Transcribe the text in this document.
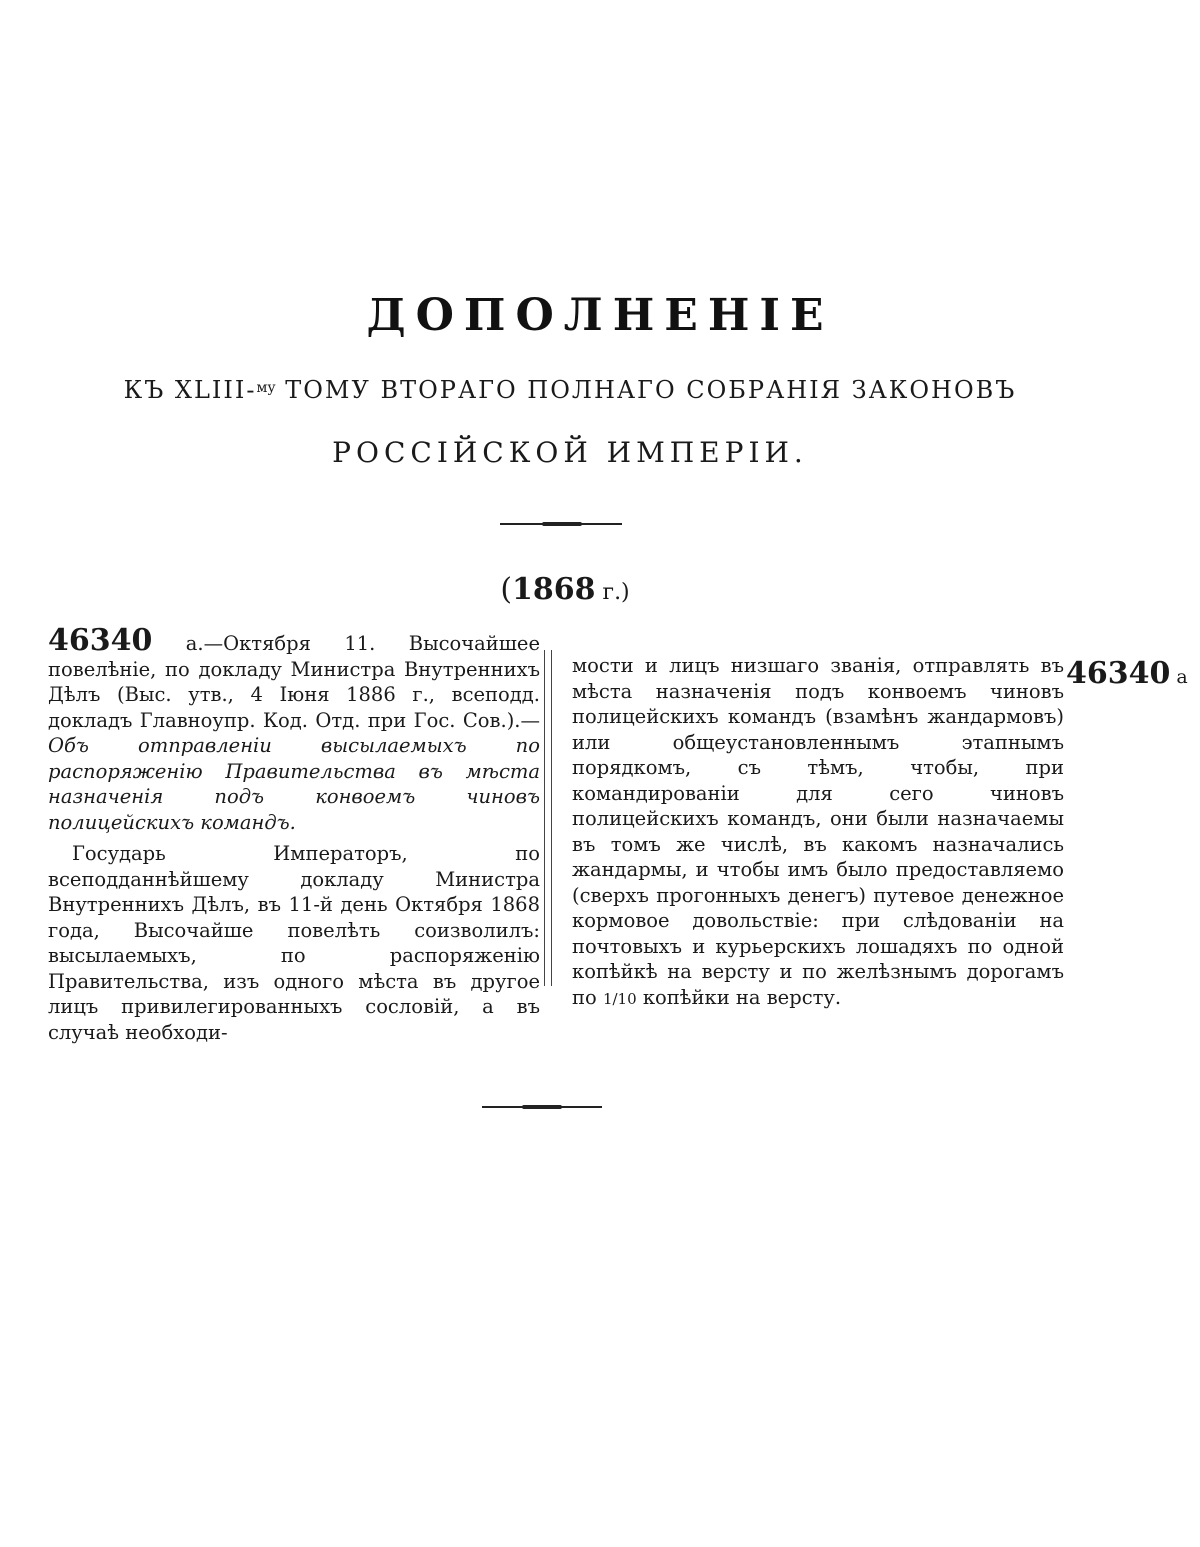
ДОПОЛНЕНІЕ
КЪ XLIII-$^{му}$ ТОМУ ВТОРАГО ПОЛНАГО СОБРАНІЯ ЗАКОНОВЪ
РОССІЙСКОЙ ИМПЕРІИ.
(1868 г.)

46340 а.—Октября 11. Высочайшее повелѣніе, по докладу Министра Внутреннихъ Дѣлъ (Выс. утв., 4 Іюня 1886 г., всеподд. докладъ Главноупр. Код. Отд. при Гос. Сов.).—Объ отправленіи высылаемыхъ по распоряженію Правительства въ мѣста назначенія подъ конвоемъ чиновъ полицейскихъ командъ.

Государь Императоръ, по всеподданнѣйшему докладу Министра Внутреннихъ Дѣлъ, въ 11-й день Октября 1868 года, Высочайше повелѣть соизволилъ: высылаемыхъ, по распоряженію Правительства, изъ одного мѣста въ другое лицъ привилегированныхъ сословій, а въ случаѣ необходи-

мости и лицъ низшаго званія, отправлять въ мѣста назначенія подъ конвоемъ чиновъ полицейскихъ командъ (взамѣнъ жандармовъ) или общеустановленнымъ этапнымъ порядкомъ, съ тѣмъ, чтобы, при командированіи для сего чиновъ полицейскихъ командъ, они были назначаемы въ томъ же числѣ, въ какомъ назначались жандармы, и чтобы имъ было предоставляемо (сверхъ прогонныхъ денегъ) путевое денежное кормовое довольствіе: при слѣдованіи на почтовыхъ и курьерскихъ лошадяхъ по одной копѣйкѣ на версту и по желѣзнымъ дорогамъ по 1/10 копѣйки на версту.

46340 а
